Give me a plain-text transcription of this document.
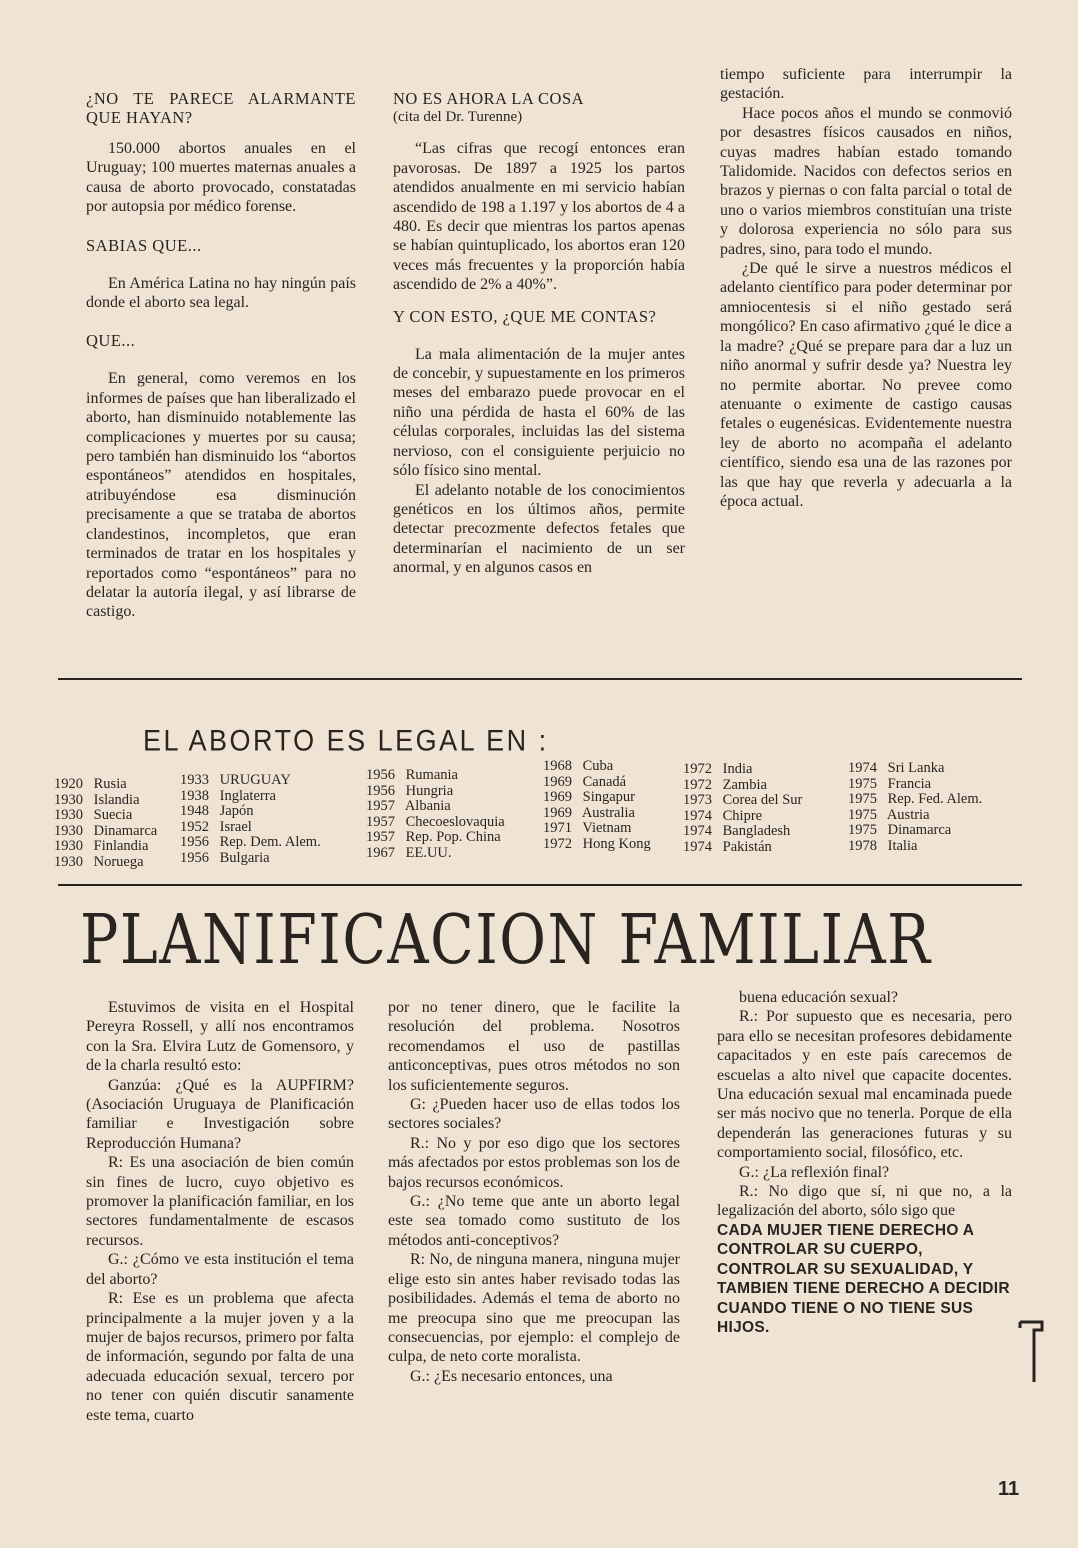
¿NO TE PARECE ALARMANTE QUE HAYAN?

150.000 abortos anuales en el Uruguay; 100 muertes maternas anuales a causa de aborto provocado, constatadas por autopsia por médico forense.

SABIAS QUE...

En América Latina no hay ningún país donde el aborto sea legal.

QUE...

En general, como veremos en los informes de países que han liberalizado el aborto, han disminuido notablemente las complicaciones y muertes por su causa; pero también han disminuido los “abortos espontáneos” atendidos en hospitales, atribuyéndose esa disminución precisamente a que se trataba de abortos clandestinos, incompletos, que eran terminados de tratar en los hospitales y reportados como “espontáneos” para no delatar la autoría ilegal, y así librarse de castigo.

NO ES AHORA LA COSA

(cita del Dr. Turenne)

“Las cifras que recogí entonces eran pavorosas. De 1897 a 1925 los partos atendidos anualmente en mi servicio habían ascendido de 198 a 1.197 y los abortos de 4 a 480. Es decir que mientras los partos apenas se habían quintuplicado, los abortos eran 120 veces más frecuentes y la proporción había ascendido de 2% a 40%”.

Y CON ESTO, ¿QUE ME CONTAS?

La mala alimentación de la mujer antes de concebir, y supuestamente en los primeros meses del embarazo puede provocar en el niño una pérdida de hasta el 60% de las células corporales, incluidas las del sistema nervioso, con el consiguiente perjuicio no sólo físico sino mental.

El adelanto notable de los conocimientos genéticos en los últimos años, permite detectar precozmente defectos fetales que determinarían el nacimiento de un ser anormal, y en algunos casos en

tiempo suficiente para interrumpir la gestación.

Hace pocos años el mundo se conmovió por desastres físicos causados en niños, cuyas madres habían estado tomando Talidomide. Nacidos con defectos serios en brazos y piernas o con falta parcial o total de uno o varios miembros constituían una triste y dolorosa experiencia no sólo para sus padres, sino, para todo el mundo.

¿De qué le sirve a nuestros médicos el adelanto científico para poder determinar por amniocentesis si el niño gestado será mongólico? En caso afirmativo ¿qué le dice a la madre? ¿Qué se prepare para dar a luz un niño anormal y sufrir desde ya? Nuestra ley no permite abortar. No prevee como atenuante o eximente de castigo causas fetales o eugenésicas. Evidentemente nuestra ley de aborto no acompaña el adelanto científico, siendo esa una de las razones por las que hay que reverla y adecuarla a la época actual.

EL ABORTO ES LEGAL EN :
1920 Rusia
1930 Islandia
1930 Suecia
1930 Dinamarca
1930 Finlandia
1930 Noruega
1933 URUGUAY
1938 Inglaterra
1948 Japón
1952 Israel
1956 Rep. Dem. Alem.
1956 Bulgaria
1956 Rumania
1956 Hungria
1957 Albania
1957 Checoeslovaquia
1957 Rep. Pop. China
1967 EE.UU.
1968 Cuba
1969 Canadá
1969 Singapur
1969 Australia
1971 Vietnam
1972 Hong Kong
1972 India
1972 Zambia
1973 Corea del Sur
1974 Chipre
1974 Bangladesh
1974 Pakistán
1974 Sri Lanka
1975 Francia
1975 Rep. Fed. Alem.
1975 Austria
1975 Dinamarca
1978 Italia
PLANIFICACION FAMILIAR

Estuvimos de visita en el Hospital Pereyra Rossell, y allí nos encontramos con la Sra. Elvira Lutz de Gomensoro, y de la charla resultó esto:

Ganzúa: ¿Qué es la AUPFIRM? (Asociación Uruguaya de Planificación familiar e Investigación sobre Reproducción Humana?

R: Es una asociación de bien común sin fines de lucro, cuyo objetivo es promover la planificación familiar, en los sectores fundamentalmente de escasos recursos.

G.: ¿Cómo ve esta institución el tema del aborto?

R: Ese es un problema que afecta principalmente a la mujer joven y a la mujer de bajos recursos, primero por falta de información, segundo por falta de una adecuada educación sexual, tercero por no tener con quién discutir sanamente este tema, cuarto

por no tener dinero, que le facilite la resolución del problema. Nosotros recomendamos el uso de pastillas anticonceptivas, pues otros métodos no son los suficientemente seguros.

G: ¿Pueden hacer uso de ellas todos los sectores sociales?

R.: No y por eso digo que los sectores más afectados por estos problemas son los de bajos recursos económicos.

G.: ¿No teme que ante un aborto legal este sea tomado como sustituto de los métodos anti-conceptivos?

R: No, de ninguna manera, ninguna mujer elige esto sin antes haber revisado todas las posibilidades. Además el tema de aborto no me preocupa sino que me preocupan las consecuencias, por ejemplo: el complejo de culpa, de neto corte moralista.

G.: ¿Es necesario entonces, una

buena educación sexual?

R.: Por supuesto que es necesaria, pero para ello se necesitan profesores debidamente capacitados y en este país carecemos de escuelas a alto nivel que capacite docentes. Una educación sexual mal encaminada puede ser más nocivo que no tenerla. Porque de ella dependerán las generaciones futuras y su comportamiento social, filosófico, etc.

G.: ¿La reflexión final?

R.: No digo que sí, ni que no, a la legalización del aborto, sólo sigo que

CADA MUJER TIENE DERECHO A CONTROLAR SU CUERPO, CONTROLAR SU SEXUALIDAD, Y TAMBIEN TIENE DERECHO A DECIDIR CUANDO TIENE O NO TIENE SUS HIJOS.

11
